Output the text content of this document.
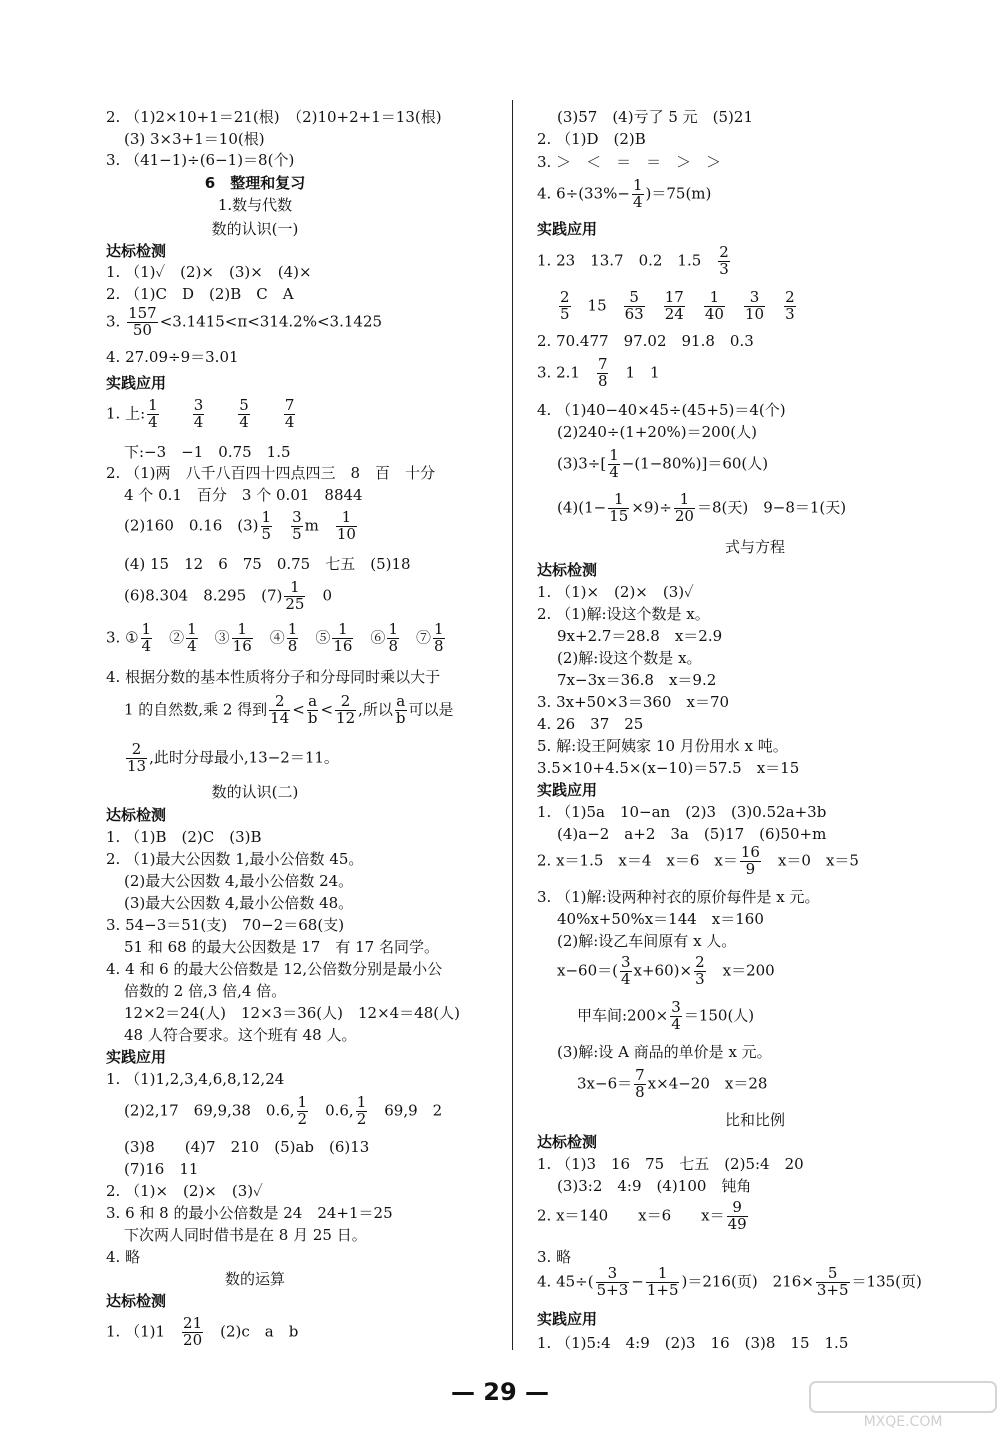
2. （1)2×10+1＝21(根)　（2)10+2+1＝13(根)
(3) 3×3+1＝10(根)
3. （41−1)÷(6−1)＝8(个)
6　整理和复习
1.数与代数
数的认识(一)
达标检测
1. （1)✓　(2)×　(3)×　(4)×
2. （1)C　D　(2)B　C　A
4. 27.09÷9＝3.01
实践应用
下:−3　−1　0.75　1.5
2. （1)两　八千八百四十四点四三　8　百　十分
4 个 0.1　百分　3 个 0.01　8844
(4) 15　12　6　75　0.75　七五　(5)18
4. 根据分数的基本性质将分子和分母同时乘以大于
数的认识(二)
达标检测
1. （1)B　(2)C　(3)B
2. （1)最大公因数 1,最小公倍数 45。
(2)最大公因数 4,最小公倍数 24。
(3)最大公因数 4,最小公倍数 48。
3. 54−3＝51(支)　70−2＝68(支)
51 和 68 的最大公因数是 17　有 17 名同学。
4. 4 和 6 的最大公倍数是 12,公倍数分别是最小公
倍数的 2 倍,3 倍,4 倍。
12×2＝24(人)　12×3＝36(人)　12×4＝48(人)
48 人符合要求。这个班有 48 人。
实践应用
1. （1)1,2,3,4,6,8,12,24
(3)8　　(4)7　210　(5)ab　(6)13
(7)16　11
2. （1)×　(2)×　(3)✓
3. 6 和 8 的最小公倍数是 24　24+1＝25
下次两人同时借书是在 8 月 25 日。
4. 略
数的运算
达标检测
3. $\frac{157}{50} <3.1415<\pi<314.2\%<3.1425$
1. 上: $\frac{1}{4}$
　　 $\frac{3}{4}$
　　 $\frac{5}{4}$
　　 $\frac{7}{4}$
(2)160　0.16　$(3) \frac{1}{5}$
　 $\frac{3}{5}$ m　 $\frac{1}{10}$
(6)8.304　8.295　$(7) \frac{1}{25}$ 　0
3. ① $\frac{1}{4}$ 　② $\frac{1}{4}$ 　③ $\frac{1}{16}$ 　④ $\frac{1}{8}$ 　⑤ $\frac{1}{16}$ 　⑥ $\frac{1}{8}$ 　⑦ $\frac{1}{8}$
1 的自然数,乘 2 得到 $\frac{2}{14} < \frac{a}{b} < \frac{2}{12}$ ,所以 $\frac{a}{b}$ 可以是
$\frac{2}{13}$ ,此时分母最小,13−2＝11。
(2)2,17　69,9,38　0.6, $\frac{1}{2}$ 　0.6, $\frac{1}{2}$ 　69,9　2
1. （1)1　 $\frac{21}{20}$ 　(2)c　a　b
(3)57　(4)亏了 5 元　(5)21
2. （1)D　(2)B
3. ＞　＜　＝　＝　＞　＞
实践应用
2. 70.477　97.02　91.8　0.3
4. （1)40−40×45÷(45+5)＝4(个)
(2)240÷(1+20%)＝200(人)
式与方程
达标检测
1. （1)×　(2)×　(3)✓
2. （1)解:设这个数是 x。
9x+2.7＝28.8　x＝2.9
(2)解:设这个数是 x。
7x−3x＝36.8　x＝9.2
3. 3x+50×3＝360　x＝70
4. 26　37　25
5. 解:设王阿姨家 10 月份用水 x 吨。
3.5×10+4.5×(x−10)＝57.5　x＝15
实践应用
1. （1)5a　10−an　(2)3　(3)0.52a+3b
(4)a−2　a+2　3a　(5)17　(6)50+m
3. （1)解:设两种衬衣的原价每件是 x 元。
40%x+50%x＝144　x＝160
(2)解:设乙车间原有 x 人。
(3)解:设 A 商品的单价是 x 元。
比和比例
达标检测
1. （1)3　16　75　七五　(2)5:4　20
(3)3:2　4:9　(4)100　钝角
3. 略
实践应用
1. （1)5:4　4:9　(2)3　16　(3)8　15　1.5
4. $6\div(33\%- \frac{1}{4} )=75(m)$
1. 23　13.7　0.2　1.5　 $\frac{2}{3}$
$\frac{2}{5}$ 　15　 $\frac{5}{63}$
　 $\frac{17}{24}$
　 $\frac{1}{40}$
　 $\frac{3}{10}$
　 $\frac{2}{3}$
3. 2.1　 $\frac{7}{8}$ 　1　1
$(3)3\div[ \frac{1}{4} -(1-80\%)]=60$(人)
$(4)(1- \frac{1}{15} \times 9)\div \frac{1}{20} =8$(天)　9−8＝1(天)
2. x＝1.5　x＝4　x＝6　$x= \frac{16}{9}$ 　x＝0　x＝5
$x-60=( \frac{3}{4} x+60)\times \frac{2}{3}$ 　x＝200
甲车间:200× $\frac{3}{4} =150$(人)
$3x-6= \frac{7}{8} x\times 4-20$　x＝28
2. x＝140　　x＝6　　$x= \frac{9}{49}$
4. $45\div( \frac{3}{5+3} - \frac{1}{1+5} )=216$(页)　$216\times \frac{5}{3+5} =135$(页)
— 29 —
MXQE.COM
